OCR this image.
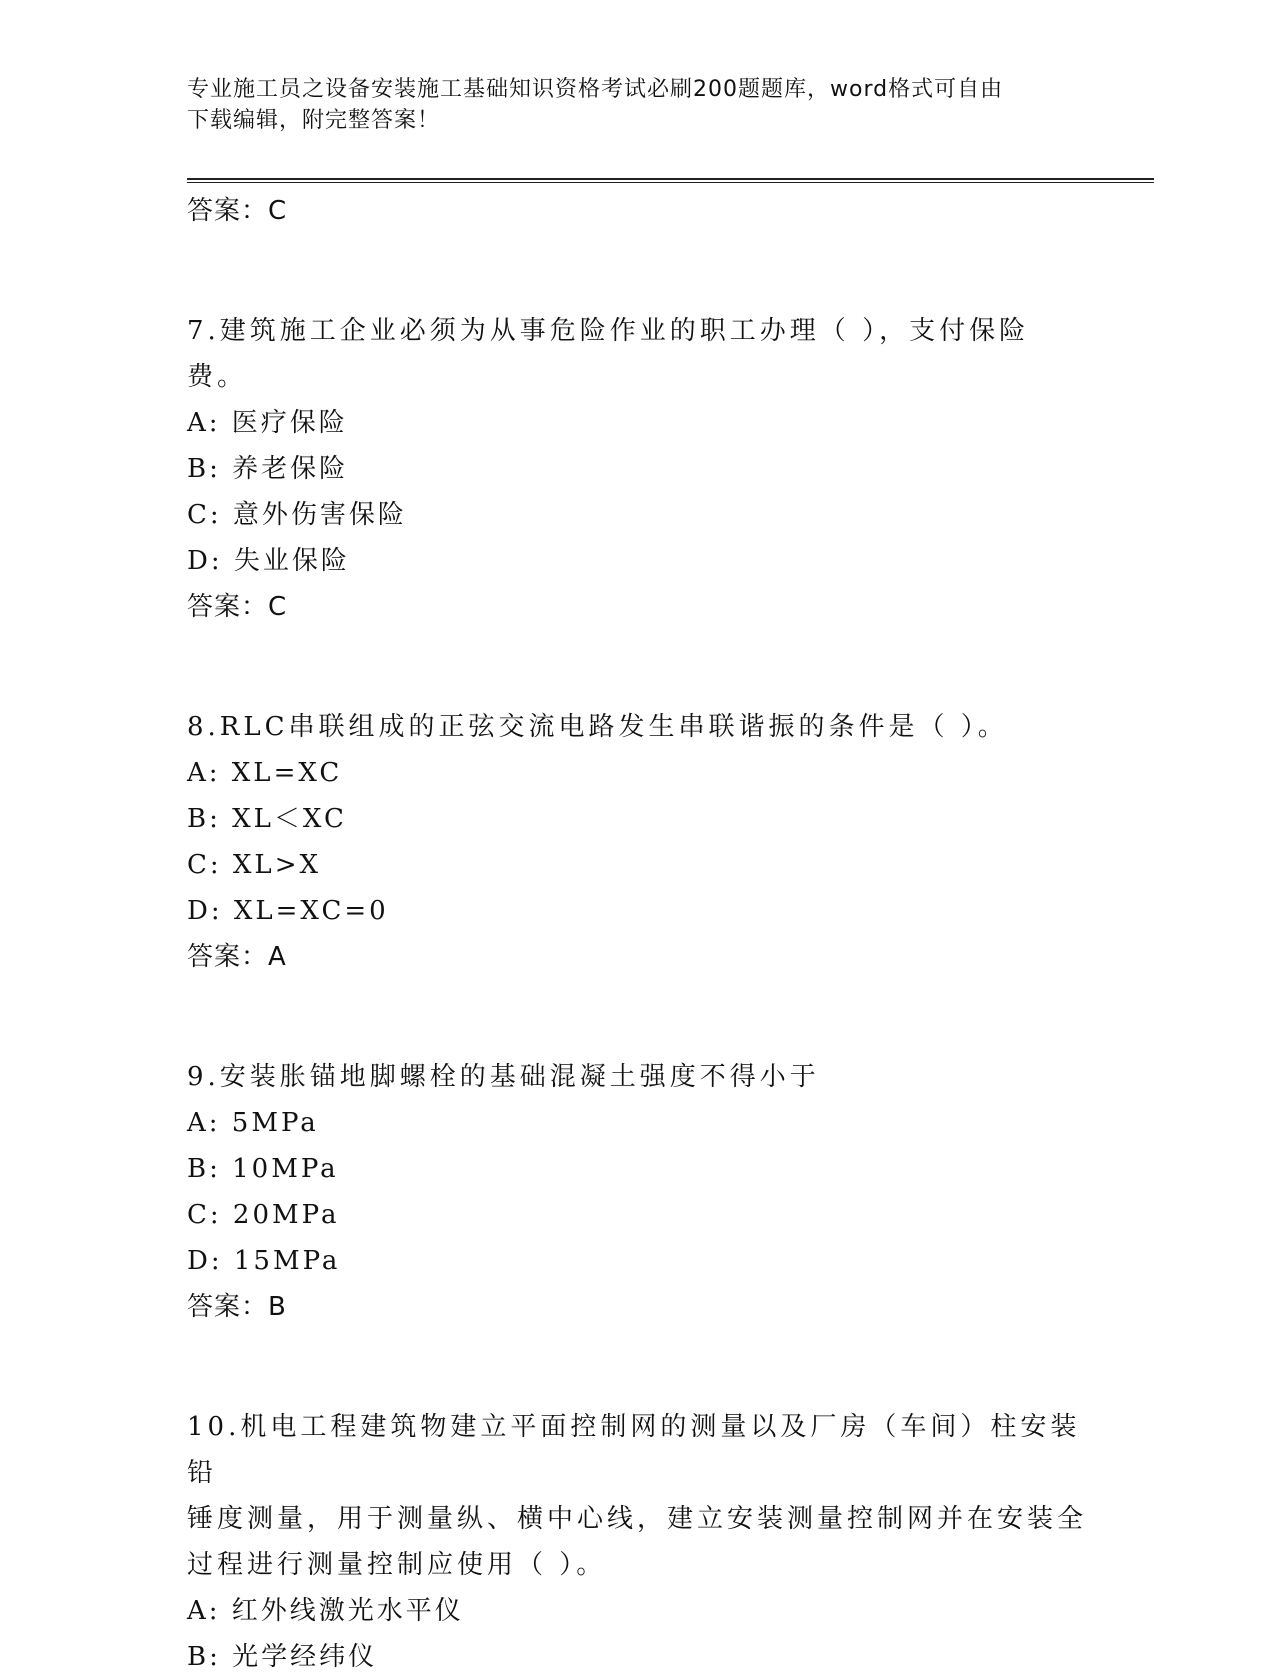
专业施工员之设备安装施工基础知识资格考试必刷200题题库，word格式可自由
下载编辑，附完整答案！
答案：C
7.建筑施工企业必须为从事危险作业的职工办理（ ），支付保险费。
A: 医疗保险
B: 养老保险
C: 意外伤害保险
D: 失业保险
答案：C
8.RLC串联组成的正弦交流电路发生串联谐振的条件是（ ）。
A: XL=XC
B: XL＜XC
C: XL>X
D: XL=XC=0
答案：A
9.安装胀锚地脚螺栓的基础混凝土强度不得小于
A: 5MPa
B: 10MPa
C: 20MPa
D: 15MPa
答案：B
10.机电工程建筑物建立平面控制网的测量以及厂房（车间）柱安装铅
锤度测量，用于测量纵、横中心线，建立安装测量控制网并在安装全
过程进行测量控制应使用（ ）。
A: 红外线激光水平仪
B: 光学经纬仪
